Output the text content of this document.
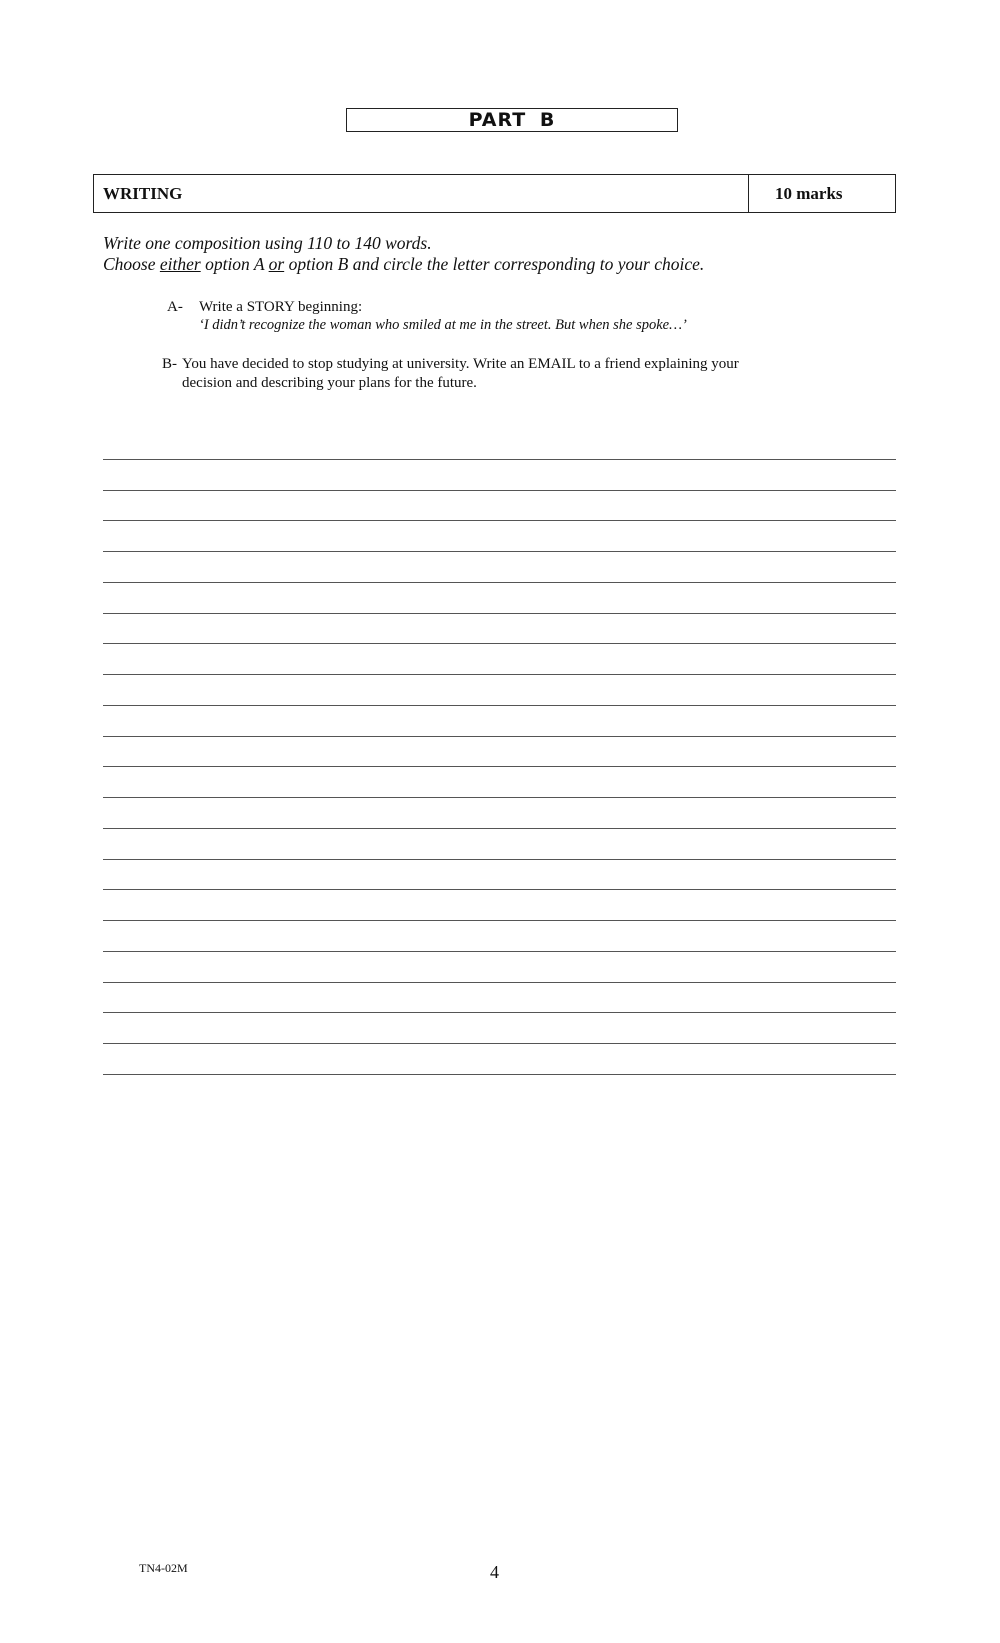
PART B
WRITING	10 marks
Write one composition using 110 to 140 words.
Choose either option A or option B and circle the letter corresponding to your choice.
A- Write a STORY beginning:
‘I didn’t recognize the woman who smiled at me in the street. But when she spoke…’
B- You have decided to stop studying at university. Write an EMAIL to a friend explaining your
decision and describing your plans for the future.
TN4-02M	4
